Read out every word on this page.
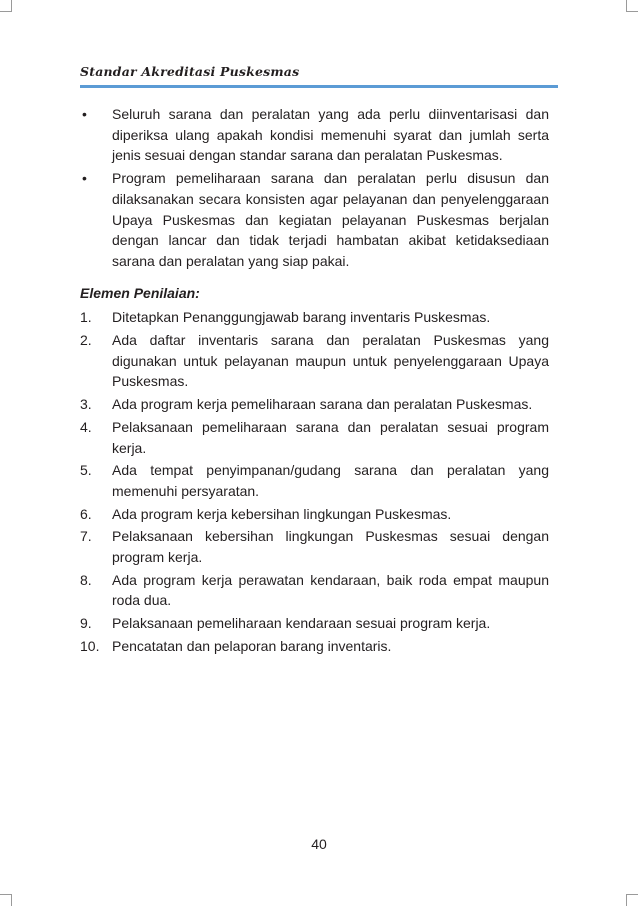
Standar Akreditasi Puskesmas
•	Seluruh sarana dan peralatan yang ada perlu diinventarisasi dan diperiksa ulang apakah kondisi memenuhi syarat dan jumlah serta jenis sesuai dengan standar sarana dan peralatan Puskesmas.
•	Program pemeliharaan sarana dan peralatan perlu disusun dan dilaksanakan secara konsisten agar pelayanan dan penyelenggaraan Upaya Puskesmas dan kegiatan pelayanan Puskesmas berjalan dengan lancar dan tidak terjadi hambatan akibat ketidaksediaan sarana dan peralatan yang siap pakai.
Elemen Penilaian:
1.	Ditetapkan Penanggungjawab barang inventaris Puskesmas.
2.	Ada daftar inventaris sarana dan peralatan Puskesmas yang digunakan untuk pelayanan maupun untuk penyelenggaraan Upaya Puskesmas.
3.	Ada program kerja pemeliharaan sarana dan peralatan Puskesmas.
4.	Pelaksanaan pemeliharaan sarana dan peralatan sesuai program kerja.
5.	Ada tempat penyimpanan/gudang sarana dan peralatan yang memenuhi persyaratan.
6.	Ada program kerja kebersihan lingkungan Puskesmas.
7.	Pelaksanaan kebersihan lingkungan Puskesmas sesuai dengan program kerja.
8.	Ada program kerja perawatan kendaraan, baik roda empat maupun roda dua.
9.	Pelaksanaan pemeliharaan kendaraan sesuai program kerja.
10. Pencatatan dan pelaporan barang inventaris.
40
